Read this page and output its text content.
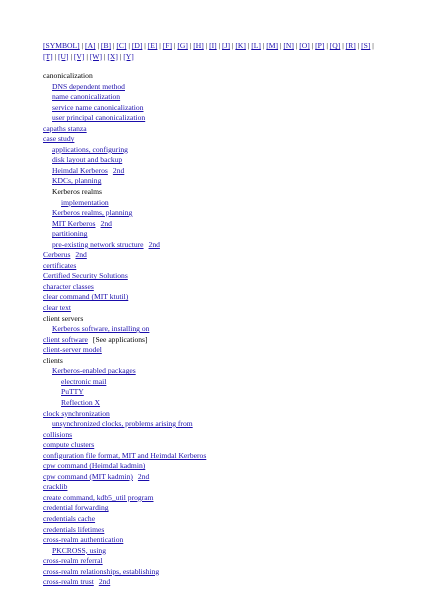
[SYMBOL] | [A] | [B] | [C] | [D] | [E] | [F] | [G] | [H] | [I] | [J] | [K] | [L] | [M] | [N] | [O] | [P] | [Q] | [R] | [S] | [T] | [U] | [V] | [W] | [X] | [Y]
canonicalization
DNS dependent method
name canonicalization
service name canonicalization
user principal canonicalization
capaths stanza
case study
applications, configuring
disk layout and backup
Heimdal Kerberos 2nd
KDCs, planning
Kerberos realms
implementation
Kerberos realms, planning
MIT Kerberos 2nd
partitioning
pre-existing network structure 2nd
Cerberus 2nd
certificates
Certified Security Solutions
character classes
clear command (MIT ktutil)
clear text
client servers
Kerberos software, installing on
client software [See applications]
client-server model
clients
Kerberos-enabled packages
electronic mail
PuTTY
Reflection X
clock synchronization
unsynchronized clocks, problems arising from
collisions
compute clusters
configuration file format, MIT and Heimdal Kerberos
cpw command (Heimdal kadmin)
cpw command (MIT kadmin) 2nd
cracklib
create command, kdb5_util program
credential forwarding
credentials cache
credentials lifetimes
cross-realm authentication
PKCROSS, using
cross-realm referral
cross-realm relationships, establishing
cross-realm trust 2nd
